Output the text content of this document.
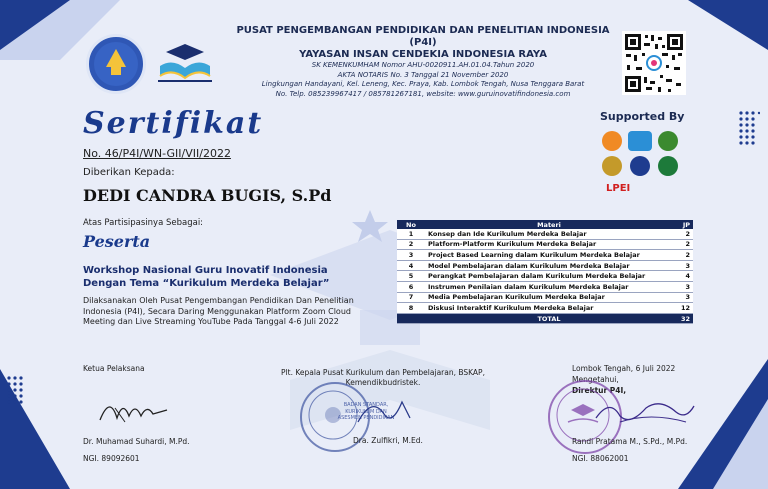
PUSAT PENGEMBANGAN PENDIDIKAN DAN PENELITIAN INDONESIA (P4I)
YAYASAN INSAN CENDEKIA INDONESIA RAYA
SK KEMENKUMHAM Nomor AHU-0020911.AH.01.04.Tahun 2020
AKTA NOTARIS No. 3 Tanggal 21 November 2020
Lingkungan Handayani, Kel. Leneng, Kec. Praya, Kab. Lombok Tengah, Nusa Tenggara Barat
No. Telp. 085239967417 / 085781267181, website: www.guruinovatifindonesia.com
Sertifikat
No. 46/P4I/WN-GII/VII/2022
Diberikan Kepada:
DEDI CANDRA BUGIS, S.Pd
Atas Partisipasinya Sebagai:
Peserta
Workshop Nasional Guru Inovatif Indonesia
Dengan Tema “Kurikulum Merdeka Belajar”
Dilaksanakan Oleh Pusat Pengembangan Pendidikan Dan Penelitian Indonesia (P4I), Secara Daring Menggunakan Platform Zoom Cloud Meeting dan Live Streaming YouTube Pada Tanggal 4-6 Juli 2022
Supported By
LPEI
No	Materi	JP
1	Konsep dan Ide Kurikulum Merdeka Belajar	2
2	Platform-Platform Kurikulum Merdeka Belajar	2
3	Project Based Learning dalam Kurikulum Merdeka Belajar	2
4	Model Pembelajaran dalam Kurikulum Merdeka Belajar	3
5	Perangkat Pembelajaran dalam Kurikulum Merdeka Belajar	4
6	Instrumen Penilaian dalam Kurikulum Merdeka Belajar	3
7	Media Pembelajaran Kurikulum Merdeka Belajar	3
8	Diskusi Interaktif Kurikulum Merdeka Belajar	12
	TOTAL	32
Ketua Pelaksana
Dr. Muhamad Suhardi, M.Pd.
NGI. 89092601
Plt. Kepala Pusat Kurikulum dan Pembelajaran, BSKAP, Kemendikbudristek.
BADAN STANDAR, KURIKULUM DAN ASESMEN PENDIDIKAN
Dra. Zulfikri, M.Ed.
Lombok Tengah, 6 Juli 2022
Mengetahui,
Direktur P4I,
Randi Pratama M., S.Pd., M.Pd.
NGI. 88062001
